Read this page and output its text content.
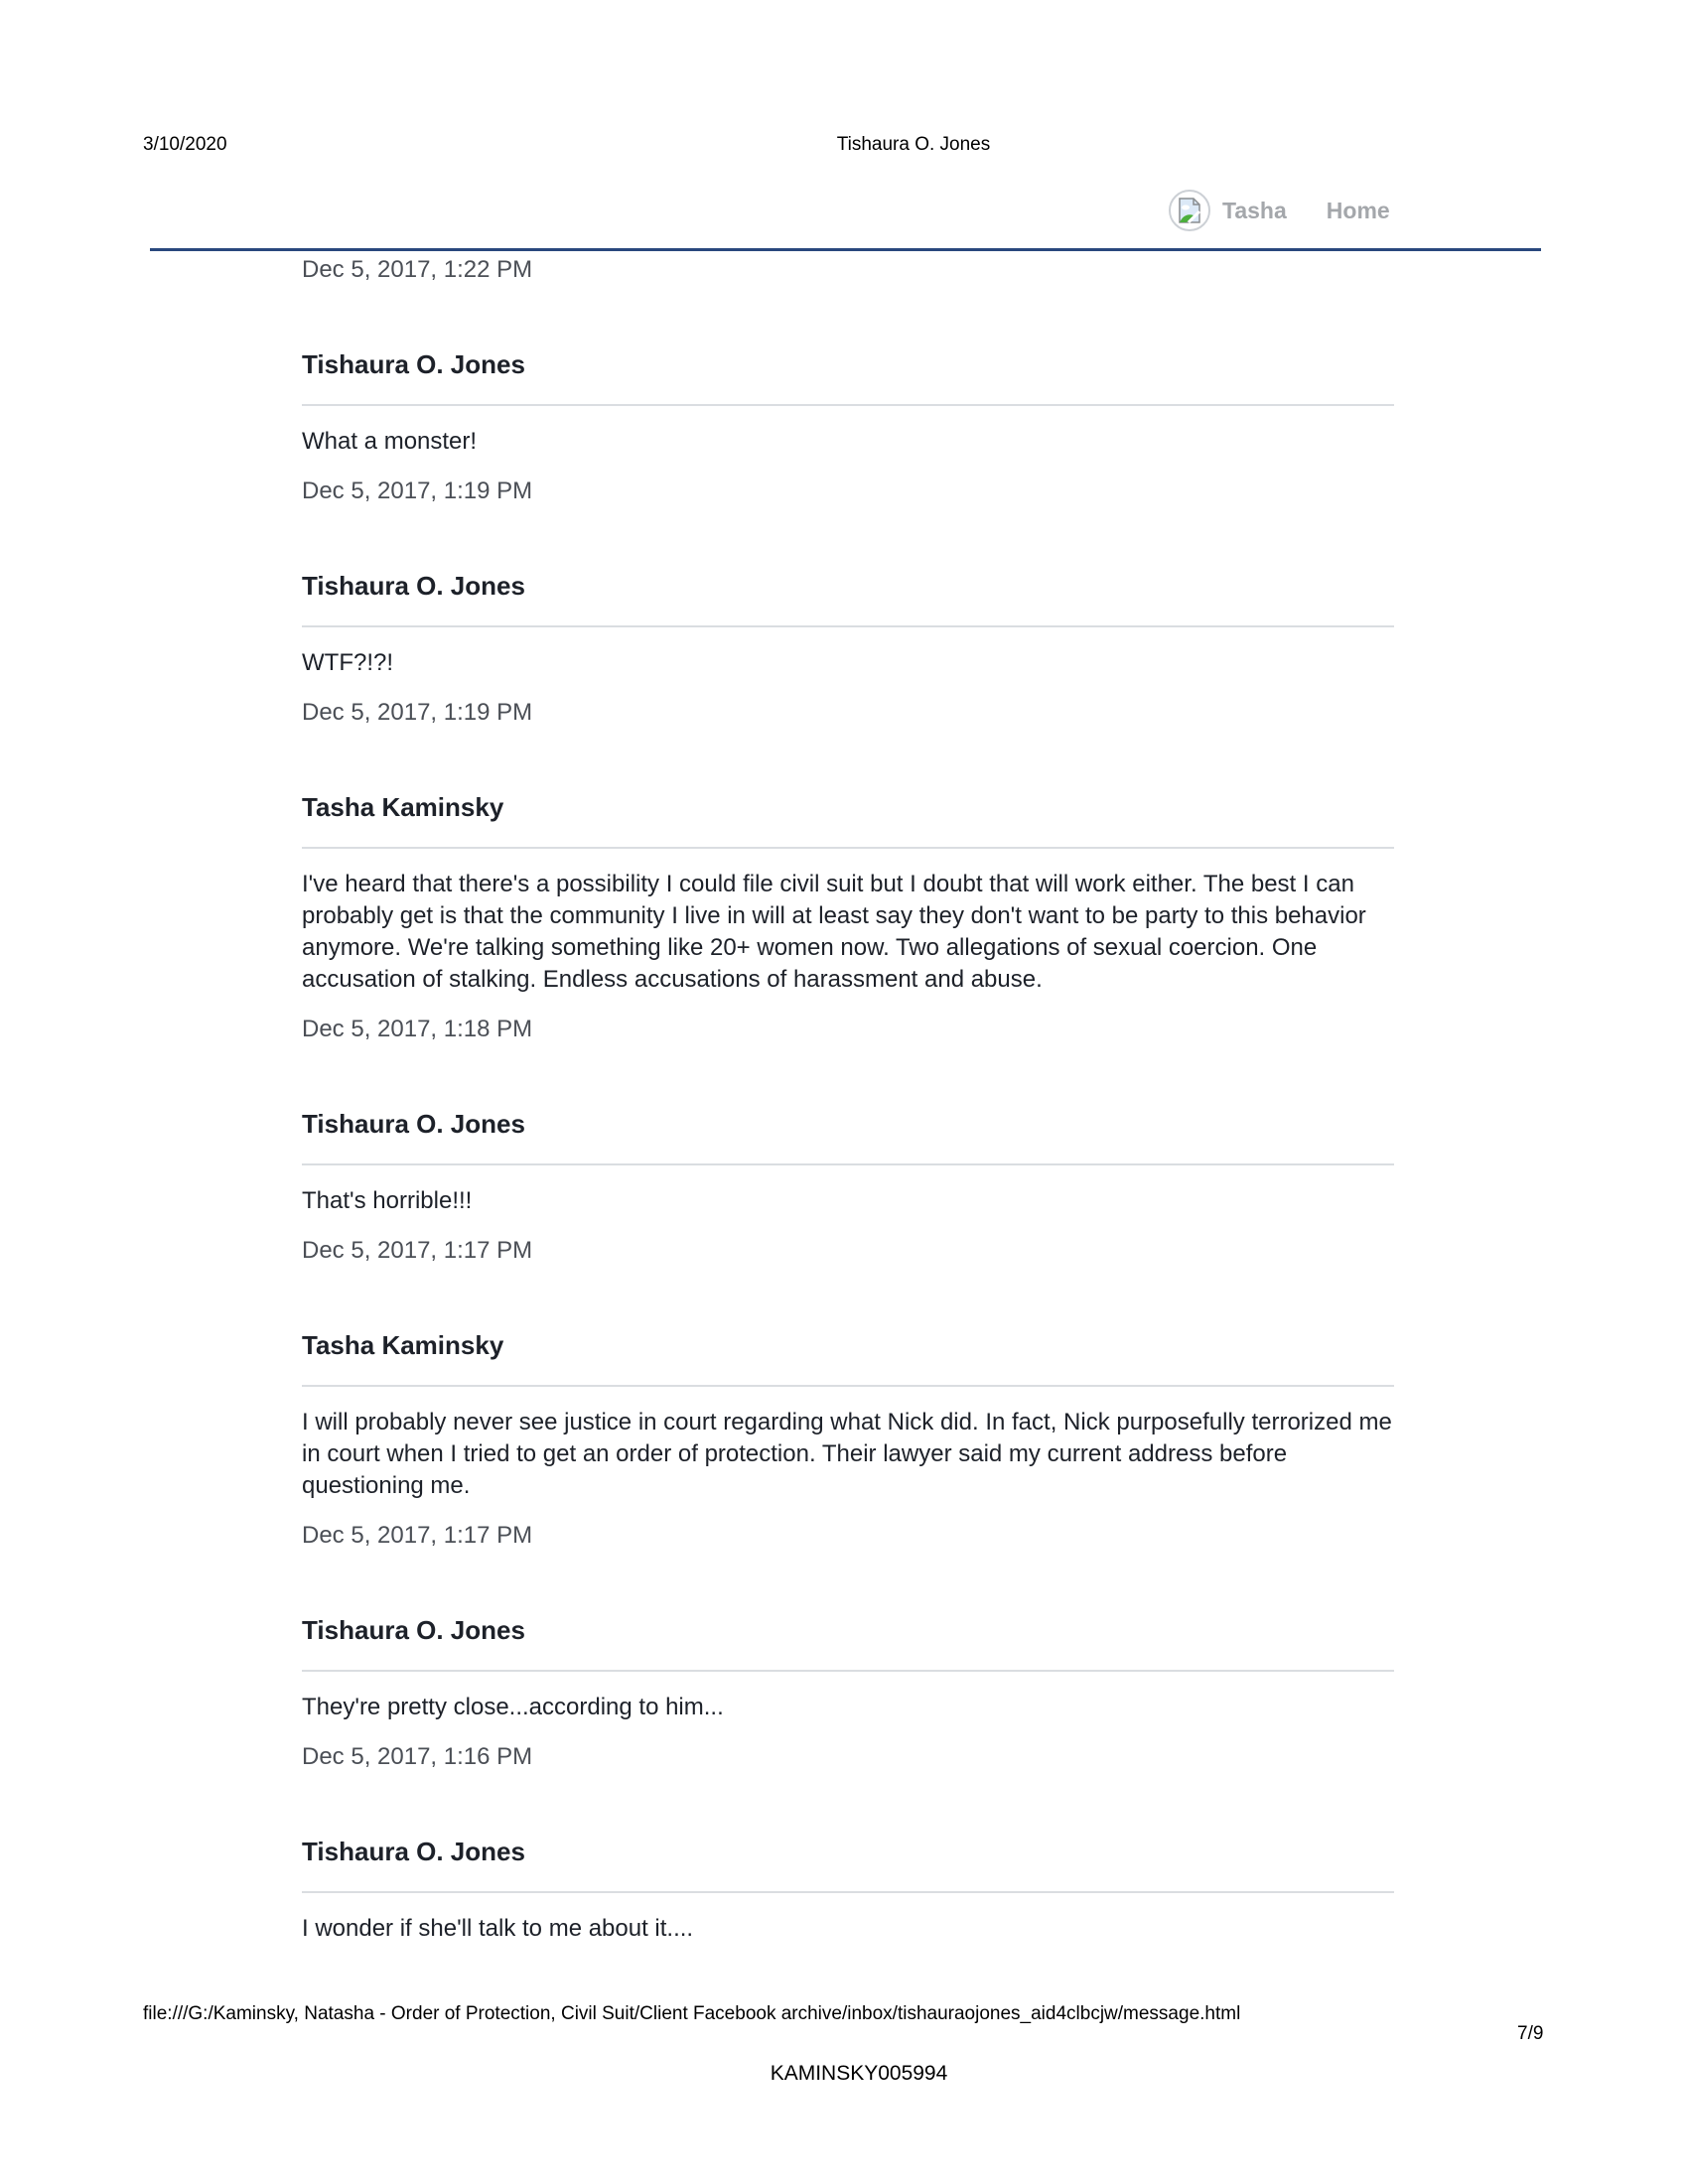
3/10/2020	Tishaura O. Jones
Tasha Home
Dec 5, 2017, 1:22 PM
Tishaura O. Jones
What a monster!
Dec 5, 2017, 1:19 PM
Tishaura O. Jones
WTF?!?!
Dec 5, 2017, 1:19 PM
Tasha Kaminsky
I've heard that there's a possibility I could file civil suit but I doubt that will work either. The best I can probably get is that the community I live in will at least say they don't want to be party to this behavior anymore. We're talking something like 20+ women now. Two allegations of sexual coercion. One accusation of stalking. Endless accusations of harassment and abuse.
Dec 5, 2017, 1:18 PM
Tishaura O. Jones
That's horrible!!!
Dec 5, 2017, 1:17 PM
Tasha Kaminsky
I will probably never see justice in court regarding what Nick did. In fact, Nick purposefully terrorized me in court when I tried to get an order of protection. Their lawyer said my current address before questioning me.
Dec 5, 2017, 1:17 PM
Tishaura O. Jones
They're pretty close...according to him...
Dec 5, 2017, 1:16 PM
Tishaura O. Jones
I wonder if she'll talk to me about it....
file:///G:/Kaminsky, Natasha - Order of Protection, Civil Suit/Client Facebook archive/inbox/tishauraojones_aid4clbcjw/message.html
7/9
KAMINSKY005994
